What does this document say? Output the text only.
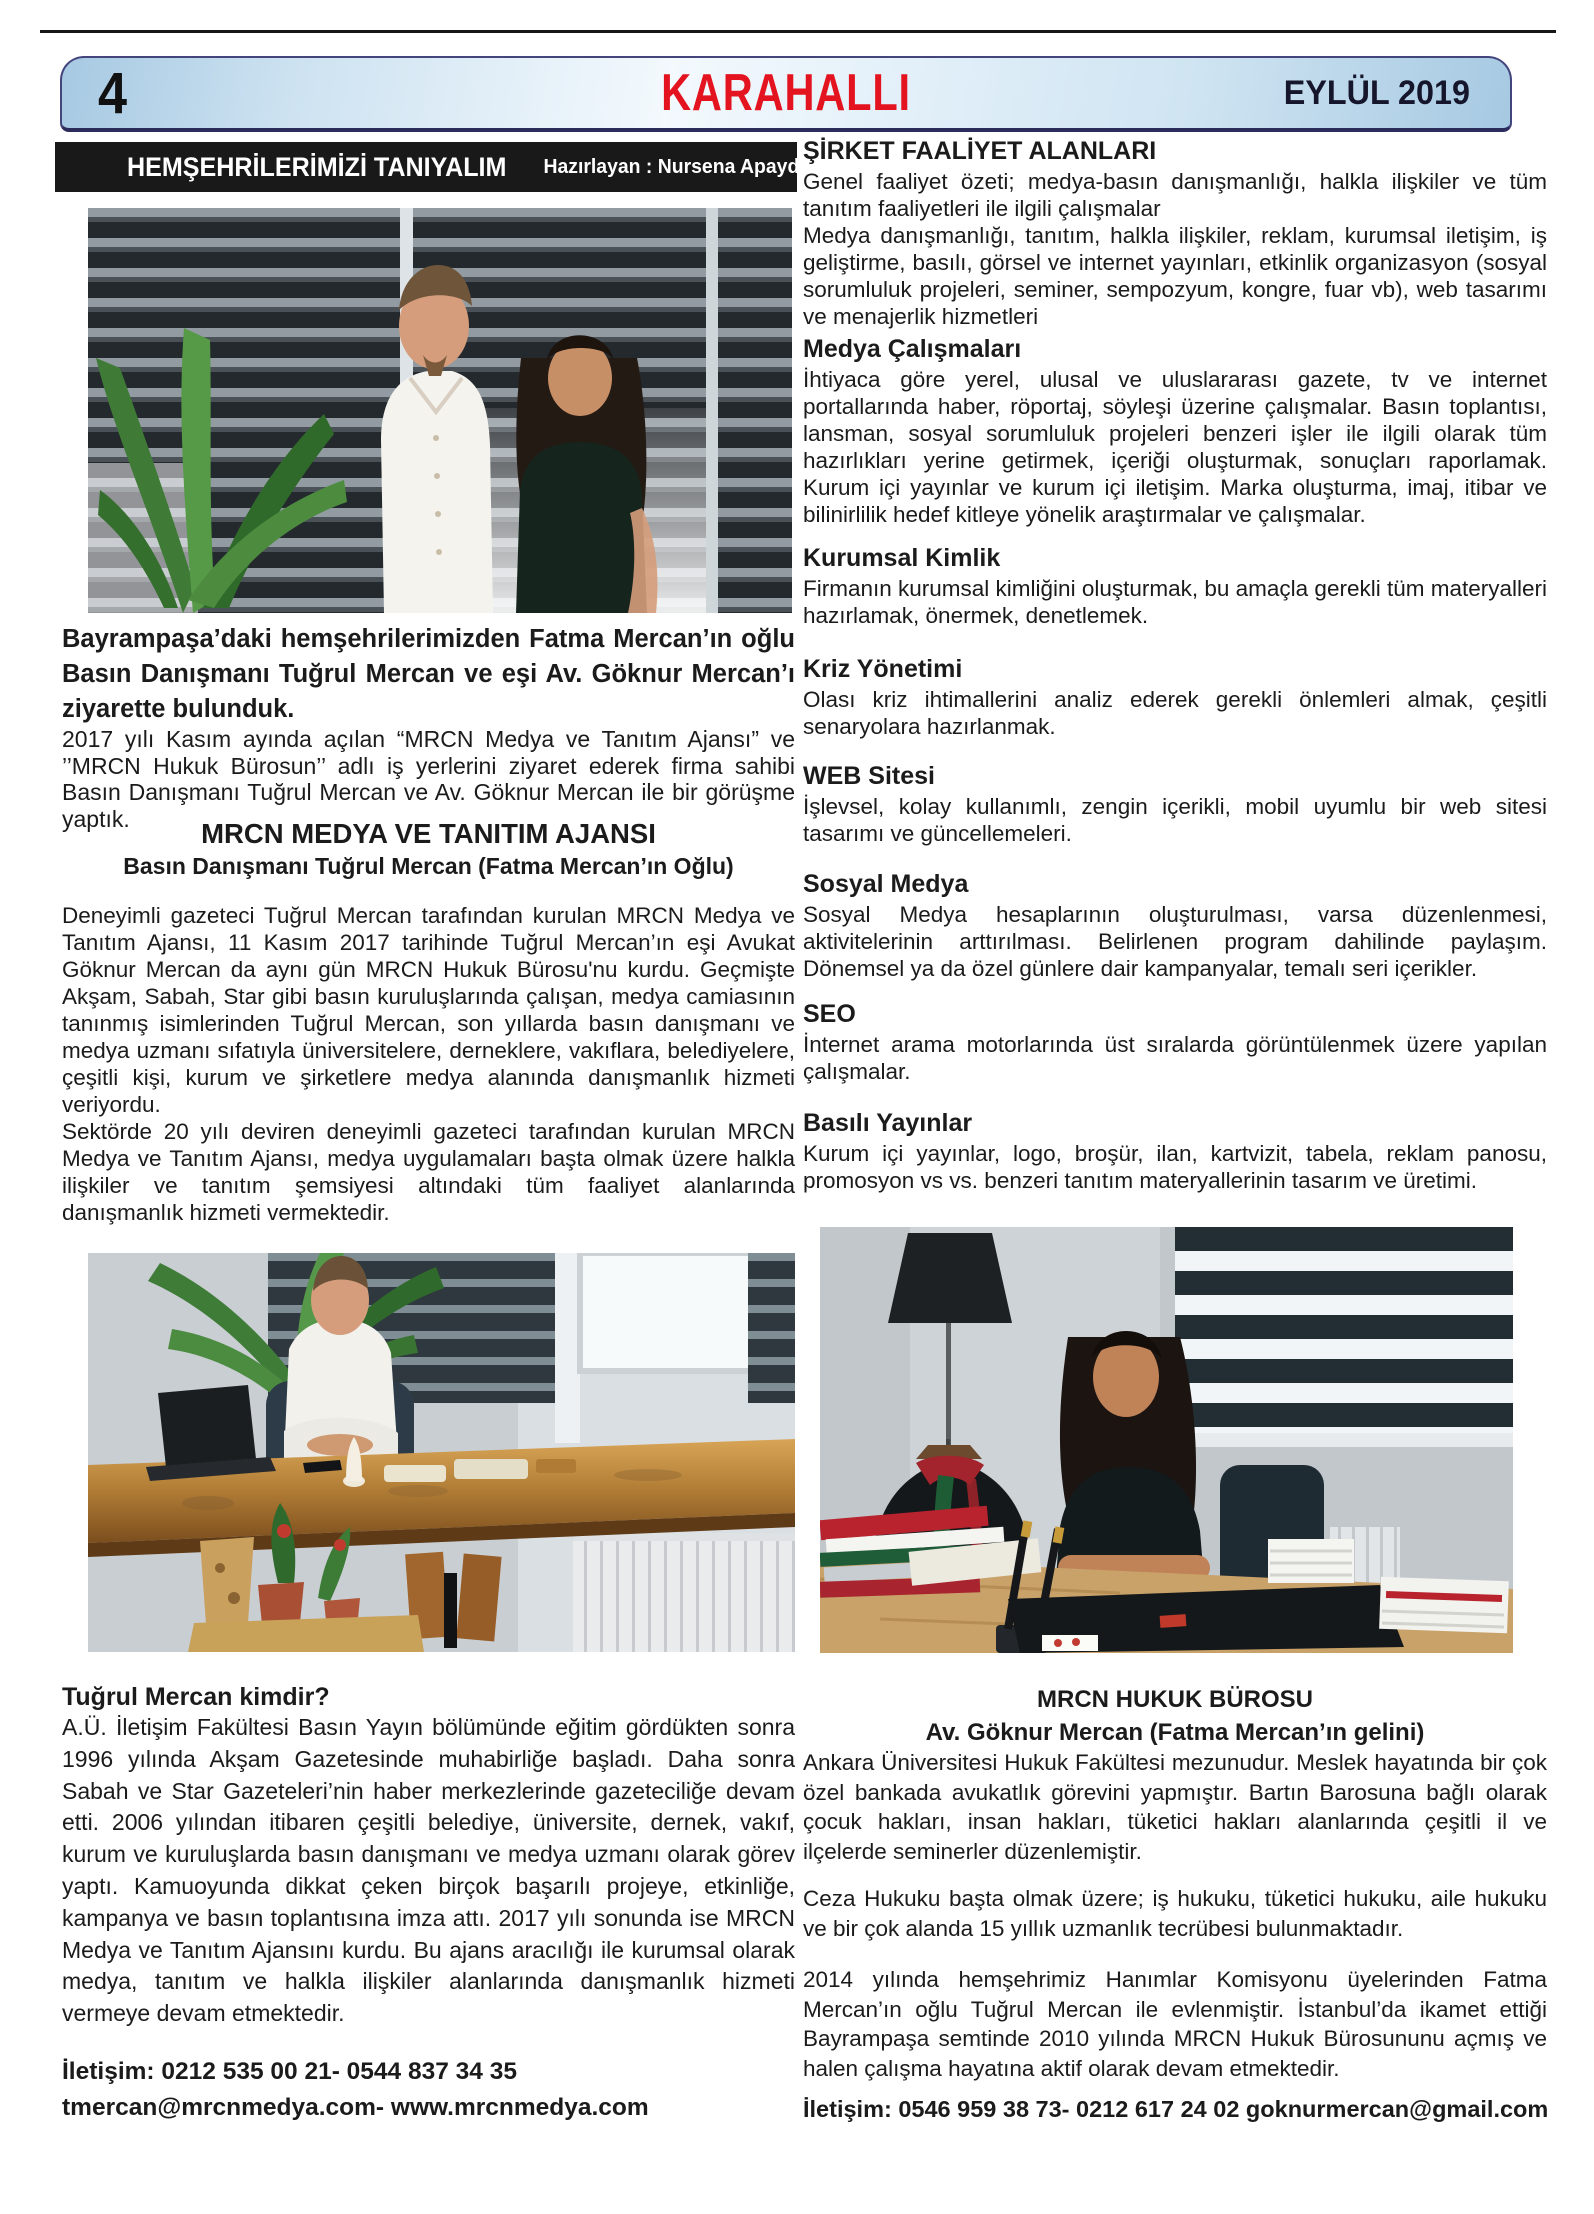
4	KARAHALLI	EYLÜL 2019
HEMŞEHRİLERİMİZİ TANIYALIM Hazırlayan : Nursena Apaydın
Bayrampaşa’daki hemşehrilerimizden Fatma Mercan’ın oğlu Basın Danışmanı Tuğrul Mercan ve eşi Av. Göknur Mercan’ı ziyarette bulunduk.
2017 yılı Kasım ayında açılan “MRCN Medya ve Tanıtım Ajansı” ve ’’MRCN Hukuk Bürosun’’ adlı iş yerlerini ziyaret ederek firma sahibi Basın Danışmanı Tuğrul Mercan ve Av. Göknur Mercan ile bir görüşme yaptık.	MRCN MEDYA VE TANITIM AJANSI
Basın Danışmanı Tuğrul Mercan (Fatma Mercan’ın Oğlu)

Deneyimli gazeteci Tuğrul Mercan tarafından kurulan MRCN Medya ve Tanıtım Ajansı, 11 Kasım 2017 tarihinde Tuğrul Mercan’ın eşi Avukat Göknur Mercan da aynı gün MRCN Hukuk Bürosu'nu kurdu. Geçmişte Akşam, Sabah, Star gibi basın kuruluşlarında çalışan, medya camiasının tanınmış isimlerinden Tuğrul Mercan, son yıllarda basın danışmanı ve medya uzmanı sıfatıyla üniversitelere, derneklere, vakıflara, belediyelere, çeşitli kişi, kurum ve şirketlere medya alanında danışmanlık hizmeti veriyordu.

Sektörde 20 yılı deviren deneyimli gazeteci tarafından kurulan MRCN Medya ve Tanıtım Ajansı, medya uygulamaları başta olmak üzere halkla ilişkiler ve tanıtım şemsiyesi altındaki tüm faaliyet alanlarında danışmanlık hizmeti vermektedir.

Tuğrul Mercan kimdir?
A.Ü. İletişim Fakültesi Basın Yayın bölümünde eğitim gördükten sonra 1996 yılında Akşam Gazetesinde muhabirliğe başladı. Daha sonra Sabah ve Star Gazeteleri’nin haber merkezlerinde gazeteciliğe devam etti. 2006 yılından itibaren çeşitli belediye, üniversite, dernek, vakıf, kurum ve kuruluşlarda basın danışmanı ve medya uzmanı olarak görev yaptı. Kamuoyunda dikkat çeken birçok başarılı projeye, etkinliğe, kampanya ve basın toplantısına imza attı. 2017 yılı sonunda ise MRCN Medya ve Tanıtım Ajansını kurdu. Bu ajans aracılığı ile kurumsal olarak medya, tanıtım ve halkla ilişkiler alanlarında danışmanlık hizmeti vermeye devam etmektedir.
İletişim: 0212 535 00 21- 0544 837 34 35
tmercan@mrcnmedya.com- www.mrcnmedya.com
ŞİRKET FAALİYET ALANLARI

Genel faaliyet özeti; medya-basın danışmanlığı, halkla ilişkiler ve tüm tanıtım faaliyetleri ile ilgili çalışmalar

Medya danışmanlığı, tanıtım, halkla ilişkiler, reklam, kurumsal iletişim, iş geliştirme, basılı, görsel ve internet yayınları, etkinlik organizasyon (sosyal sorumluluk projeleri, seminer, sempozyum, kongre, fuar vb), web tasarımı ve menajerlik hizmetleri

Medya Çalışmaları

İhtiyaca göre yerel, ulusal ve uluslararası gazete, tv ve internet portallarında haber, röportaj, söyleşi üzerine çalışmalar. Basın toplantısı, lansman, sosyal sorumluluk projeleri benzeri işler ile ilgili olarak tüm hazırlıkları yerine getirmek, içeriği oluşturmak, sonuçları raporlamak. Kurum içi yayınlar ve kurum içi iletişim. Marka oluşturma, imaj, itibar ve bilinirlilik hedef kitleye yönelik araştırmalar ve çalışmalar.

Kurumsal Kimlik

Firmanın kurumsal kimliğini oluşturmak, bu amaçla gerekli tüm materyalleri hazırlamak, önermek, denetlemek.

Kriz Yönetimi

Olası kriz ihtimallerini analiz ederek gerekli önlemleri almak, çeşitli senaryolara hazırlanmak.

WEB Sitesi

İşlevsel, kolay kullanımlı, zengin içerikli, mobil uyumlu bir web sitesi tasarımı ve güncellemeleri.

Sosyal Medya

Sosyal Medya hesaplarının oluşturulması, varsa düzenlenmesi, aktivitelerinin arttırılması. Belirlenen program dahilinde paylaşım. Dönemsel ya da özel günlere dair kampanyalar, temalı seri içerikler.

SEO

İnternet arama motorlarında üst sıralarda görüntülenmek üzere yapılan çalışmalar.

Basılı Yayınlar

Kurum içi yayınlar, logo, broşür, ilan, kartvizit, tabela, reklam panosu, promosyon vs vs. benzeri tanıtım materyallerinin tasarım ve üretimi.

MRCN HUKUK BÜROSU
Av. Göknur Mercan (Fatma Mercan’ın gelini)

Ankara Üniversitesi Hukuk Fakültesi mezunudur. Meslek hayatında bir çok özel bankada avukatlık görevini yapmıştır. Bartın Barosuna bağlı olarak çocuk hakları, insan hakları, tüketici hakları alanlarında çeşitli il ve ilçelerde seminerler düzenlemiştir.

Ceza Hukuku başta olmak üzere; iş hukuku, tüketici hukuku, aile hukuku ve bir çok alanda 15 yıllık uzmanlık tecrübesi bulunmaktadır.

2014 yılında hemşehrimiz Hanımlar Komisyonu üyelerinden Fatma Mercan’ın oğlu Tuğrul Mercan ile evlenmiştir. İstanbul’da ikamet ettiği Bayrampaşa semtinde 2010 yılında MRCN Hukuk Bürosununu açmış ve halen çalışma hayatına aktif olarak devam etmektedir.

İletişim: 0546 959 38 73- 0212 617 24 02 goknurmercan@gmail.com
